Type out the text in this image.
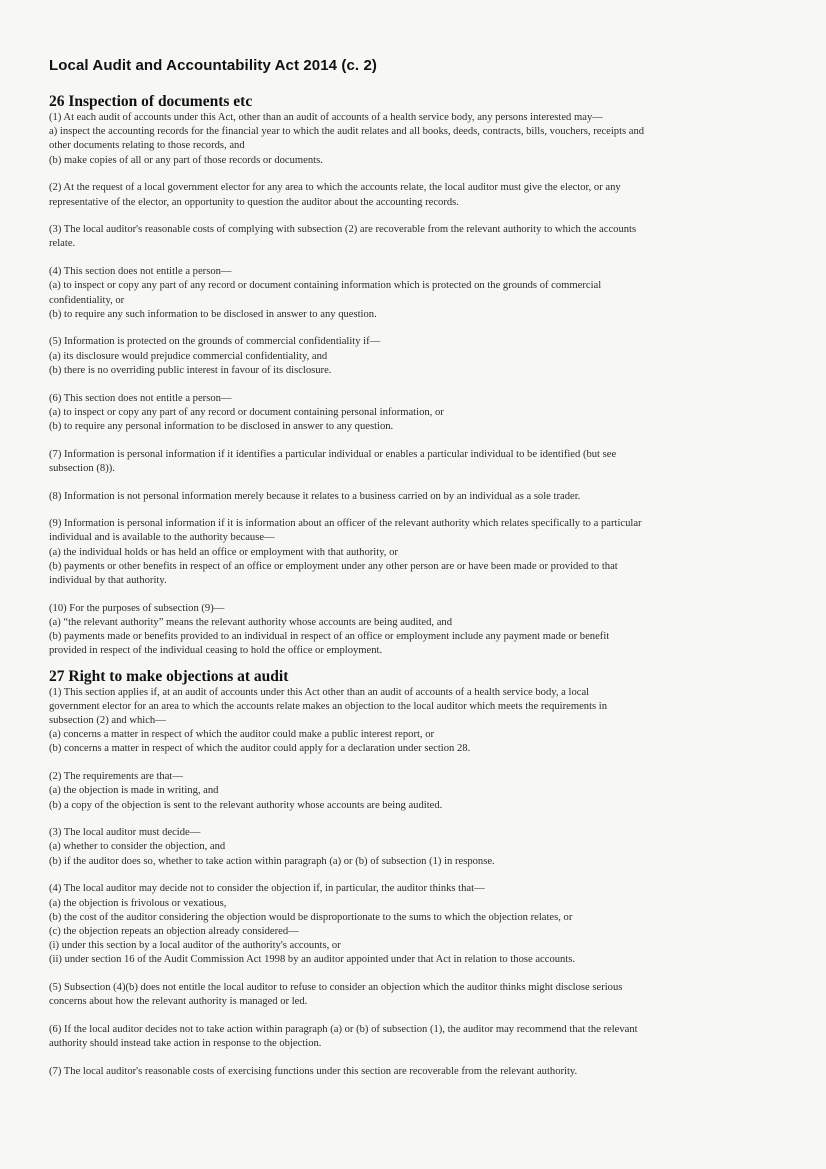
Local Audit and Accountability Act 2014 (c. 2)
26 Inspection of documents etc
(1) At each audit of accounts under this Act, other than an audit of accounts of a health service body, any persons interested may—
a) inspect the accounting records for the financial year to which the audit relates and all books, deeds, contracts, bills, vouchers, receipts and
other documents relating to those records, and
(b) make copies of all or any part of those records or documents.
(2) At the request of a local government elector for any area to which the accounts relate, the local auditor must give the elector, or any
representative of the elector, an opportunity to question the auditor about the accounting records.
(3) The local auditor's reasonable costs of complying with subsection (2) are recoverable from the relevant authority to which the accounts
relate.
(4) This section does not entitle a person—
(a) to inspect or copy any part of any record or document containing information which is protected on the grounds of commercial
confidentiality, or
(b) to require any such information to be disclosed in answer to any question.
(5) Information is protected on the grounds of commercial confidentiality if—
(a) its disclosure would prejudice commercial confidentiality, and
(b) there is no overriding public interest in favour of its disclosure.
(6) This section does not entitle a person—
(a) to inspect or copy any part of any record or document containing personal information, or
(b) to require any personal information to be disclosed in answer to any question.
(7) Information is personal information if it identifies a particular individual or enables a particular individual to be identified (but see
subsection (8)).
(8) Information is not personal information merely because it relates to a business carried on by an individual as a sole trader.
(9) Information is personal information if it is information about an officer of the relevant authority which relates specifically to a particular
individual and is available to the authority because—
(a) the individual holds or has held an office or employment with that authority, or
(b) payments or other benefits in respect of an office or employment under any other person are or have been made or provided to that
individual by that authority.
(10) For the purposes of subsection (9)—
(a) “the relevant authority” means the relevant authority whose accounts are being audited, and
(b) payments made or benefits provided to an individual in respect of an office or employment include any payment made or benefit
provided in respect of the individual ceasing to hold the office or employment.
27 Right to make objections at audit
(1) This section applies if, at an audit of accounts under this Act other than an audit of accounts of a health service body, a local
government elector for an area to which the accounts relate makes an objection to the local auditor which meets the requirements in
subsection (2) and which—
(a) concerns a matter in respect of which the auditor could make a public interest report, or
(b) concerns a matter in respect of which the auditor could apply for a declaration under section 28.
(2) The requirements are that—
(a) the objection is made in writing, and
(b) a copy of the objection is sent to the relevant authority whose accounts are being audited.
(3) The local auditor must decide—
(a) whether to consider the objection, and
(b) if the auditor does so, whether to take action within paragraph (a) or (b) of subsection (1) in response.
(4) The local auditor may decide not to consider the objection if, in particular, the auditor thinks that—
(a) the objection is frivolous or vexatious,
(b) the cost of the auditor considering the objection would be disproportionate to the sums to which the objection relates, or
(c) the objection repeats an objection already considered—
(i) under this section by a local auditor of the authority's accounts, or
(ii) under section 16 of the Audit Commission Act 1998 by an auditor appointed under that Act in relation to those accounts.
(5) Subsection (4)(b) does not entitle the local auditor to refuse to consider an objection which the auditor thinks might disclose serious
concerns about how the relevant authority is managed or led.
(6) If the local auditor decides not to take action within paragraph (a) or (b) of subsection (1), the auditor may recommend that the relevant
authority should instead take action in response to the objection.
(7) The local auditor's reasonable costs of exercising functions under this section are recoverable from the relevant authority.
